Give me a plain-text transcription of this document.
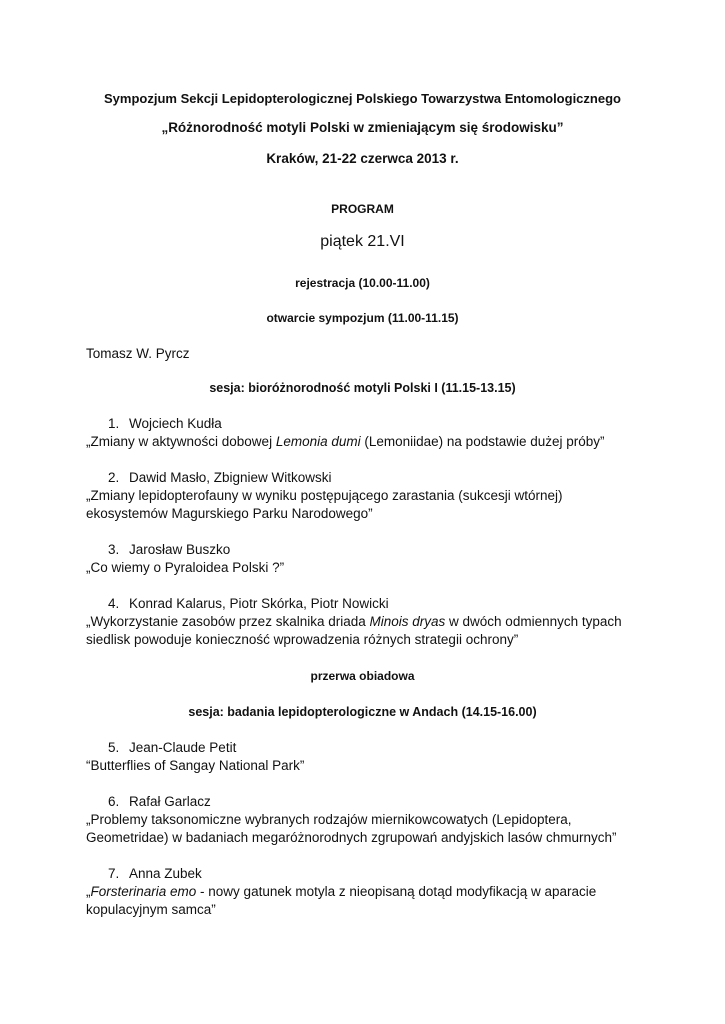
Sympozjum Sekcji Lepidopterologicznej Polskiego Towarzystwa Entomologicznego
„Różnorodność motyli Polski w zmieniającym się środowisku”
Kraków, 21-22 czerwca 2013 r.
PROGRAM
piątek 21.VI
rejestracja (10.00-11.00)
otwarcie sympozjum (11.00-11.15)
Tomasz W. Pyrcz
sesja: bioróżnorodność motyli Polski I (11.15-13.15)
1. Wojciech Kudła
„Zmiany w aktywności dobowej Lemonia dumi (Lemoniidae) na podstawie dużej próby”
2. Dawid Masło, Zbigniew Witkowski
„Zmiany lepidopterofauny w wyniku postępującego zarastania (sukcesji wtórnej)
ekosystemów Magurskiego Parku Narodowego”
3. Jarosław Buszko
„Co wiemy o Pyraloidea Polski ?”
4. Konrad Kalarus, Piotr Skórka, Piotr Nowicki
„Wykorzystanie zasobów przez skalnika driada Minois dryas w dwóch odmiennych typach
siedlisk powoduje konieczność wprowadzenia różnych strategii ochrony”
przerwa obiadowa
sesja: badania lepidopterologiczne w Andach (14.15-16.00)
5. Jean-Claude Petit
“Butterflies of Sangay National Park”
6. Rafał Garlacz
„Problemy taksonomiczne wybranych rodzajów miernikowcowatych (Lepidoptera,
Geometridae) w badaniach megaróżnorodnych zgrupowań andyjskich lasów chmurnych”
7. Anna Zubek
„Forsterinaria emo - nowy gatunek motyla z nieopisaną dotąd modyfikacją w aparacie
kopulacyjnym samca”
